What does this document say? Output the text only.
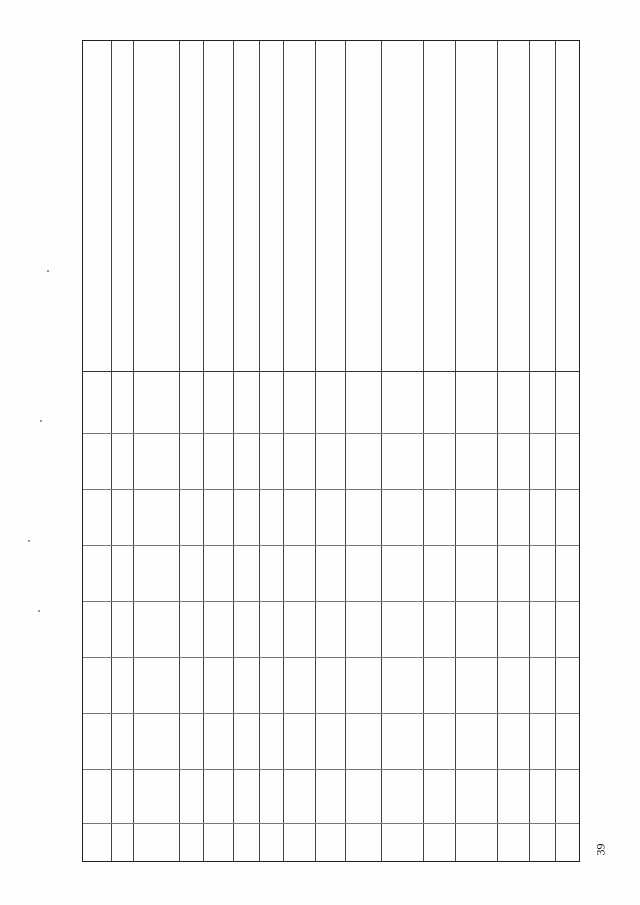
39
